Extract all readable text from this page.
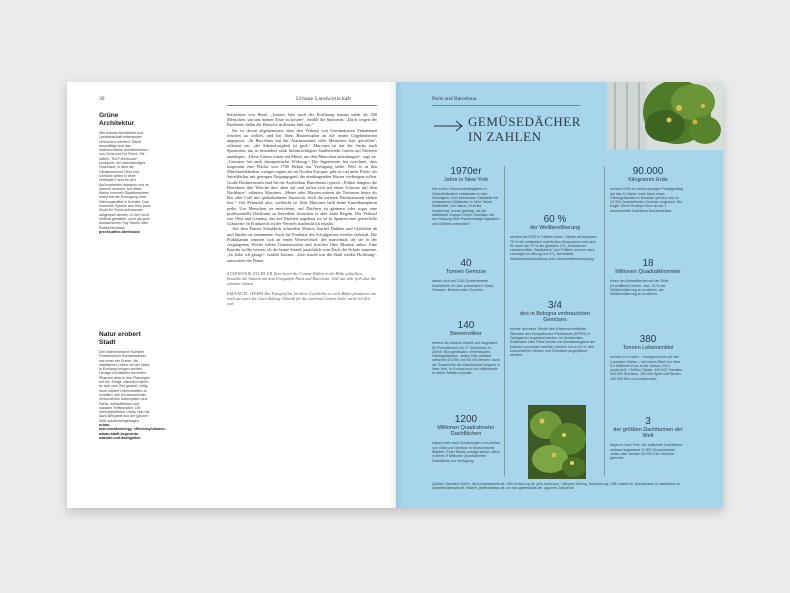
30	Urbane Landwirtschaft
Grüne Architektur
Wie können Architektur und Landwirtschaft miteinander verbunden werden? Damit beschäftigt sich das österreichische Architekturbüro von Chris und Ful Pecht. Sie haben „The Farmhouse“ konzipiert, ein mehrstöckiges Hochhaus, in dem die Hausbewohner Obst und Gemüse selbst in einer vertikalen Farm an den Außenwänden anbauen und im Inneren wohnen. Auf diese Weise kommen Stadtbewohner direkt mit der Erzeugung ihrer Nahrungsmittel in Kontakt. Das modulare System aus Holz kann Stock für Stock aufeinander aufgesetzt werden. In den nicht Vertikal gestalten, such als grün bewachsenes Tiny House oder Einfamilienhaus.
precht.at/the-farmhouse
Natur erobert Stadt
Der österreichische Künstler Friedensreich Hundertwasser war einer der Ersten, die städtisches Leben mit der Natur in Einklang bringen wollten. Heutige Architekten beziehen Pflanzen aktiv in ihre Planungen mit ein. Einige Visionäre haben es sich zum Ziel gesetzt, völlig neue urbane Lebenswelten zu schaffen, wie ein wimmelnder verbundenes Dachsystem aus Parks, Anbauflächen und sozialen Treffpunkten. Die Internetplattform Urban Hub hat dazu Beispiele aus der ganzen Welt zusammengetragen.
urban-hub.com/de/energy_efficiency/urbaner-anbau-stadt-begruente-waende-und-dachgarten

befruchten von Hand. „Letztes Jahr nach der Eröffnung kamen mehr als 200 Menschen, um uns meiner Erste zu kosten“, erzählt die Spanierin. „Doch wegen der Pandemie fielen der Besuche in diesem Jahr aus.“

Sie ist davon abgekommen, über den Verkauf von Gemüsekisten Einnahmen erzielen zu wollen, und hat ihren Businessplan an die neuen Gegebenheiten angepasst: „In Barcelona hat der Alarmzustand viele Menschen hart getroffen“, erläutert sie, „die Arbeitslosigkeit ist groß.“ Marcines ist auf der Suche nach Sponsoren, um in besonders stark beeinträchtigten Stadtvierteln Gärten auf Dächern anzulegen. „Diese Gärten wären ein Mittel, um den Menschen aufzufangen“, sagt sie. „Gärtnern hat auch therapeutische Wirkung.“ Die Ingenieurin hat errechnet, dass insgesamt eine Fläche von 1700 Hektar zur Verfügung stehe. Weil es in den Mittelmeerländern weniger regnet als im Norden Europas, gibt es viel mehr Flach- als Satteldächer mit geringen Neigungsgrad, die eindringenden Wasser vorbeugen sollen. Große Dachterrassen sind für die Architektur Barcelonas typisch. „Früher hängten die Bewohner ihre Wäsche dort oben auf und trafen sich auf einen Schwatz mit dem Nachbarn“, erläutert Marcines. „Heute oder Massen nutzen die Terrassen heute als Bar oder Café mit spektakulärem Ausssicht, doch die meisten Dachterrassen ziehen leer.“ Viel Potenzial also, vielleicht ist Alda Marcines bald keine Einzelkämpferin mehr. Um Menschen zu motivieren, auf Dächern zu gärtnern oder sogar eine professionelle Dachfarm zu betreiben, brauchen es aber klare Regeln. Der Verkauf von Obst und Gemüse, das auf Dächern angebaut ist, ist in Spanien eine gesetzliche Grauzone: In Frankreich ist der Vertrieb ausdrücklich erlaubt.

Auf dem Pariser Schuldach schneiden Marion Journet Dahlien und Gladiolen ab und binden sie zusammen. Auch die Produkte des Schulgartens werden verkauft. Die Praktikantin erinnert sich an einen Wortwechsel, der manchmal, als sie in der vergangenen Woche neben Gemüsesetzen und frischen Obst Blumen anbot. Eine Kundin wollte wissen, ob der bunte Strauß tatsächlich vom Dach der Schule stammte. „Ja, habe ich gesagt“, erzählt Journet. „Jetzt macht mir die Stadt wieder Hoffnung“, antwortete die Dame.

STEPHANIE EICHLER Kurz bevor die Corona-Zahlen in die Höhe schnellten, besuchte die Autorin mit dem Fotografen Paris und Barcelona. Und war sehr froh über die schönen Gärten.
EMANUEL HERM Der Fotograf hat für diese Geschichte so viele Bilder produziert wie noch nie zuvor für einen Auftrag. Obwohl für die einzelnen Gärten leider nicht viel Zeit war.
Paris und Barcelona
GEMÜSEDÄCHER
IN ZAHLEN
1970er
Jahre in New York
Die ersten Gemeinschaftsgärten in Industrieländern entstanden in den Siebzigern: Dort bewohnten Stadtteile mit verlassenen Gebäuden in New Yorker Stadtmitte. Der Name „Guerilla Gardening“ wurde geprägt, als die städtische Gruppe Green Guerillas, bei der Nutzung über Pachtverträge legalisiert und Gärtner unterstützt.
40
Tonnen Gemüse
lassen sich auf 1000 Quadratmeter Dachfläche im Jahr produzieren: Salat, Tomaten, Bohnen oder Zucchini.
140
Bienenvölker
betreut die Imkerei Wabe9 auf insgesamt 50 Flachdächern an 17 Standorten in Zürich: Bürogebäuden, Wohnbauten, Fabrikgebäuden. Jedes Volk umfasst zwischen 20.000 und 50.000 Bienen. Auch die Geschichte der Dachimkerei begann in New York. In Europa sind nur mittlerweile in vielen Städten populär.
1200
Millionen Quadratmeter Dachflächen
eignen sich nach Schätzungen zum Anbau von Obst und Gemüse in Deutschlands Städten. Einer Studie zufolge stehen allein in Berlin 9 Millionen Quadratmeter Dachfläche zur Verfügung.
60 %
der Weltbevölkerung
werden bis 2030 in Städten leben. Städte verbrauchen 75 % der weltweiten natürlichen Ressourcen und sind für mehr als 70 % der globalen CO₂-Emissionen verantwortlich. Stadtplaner und Politiker suchen nach Lösungen im Bezug auf CO₂-Neutralität, Wasserbewirtschaftung und Lebensmittelversorgung.
3/4
des in Bologna verbrauchten Gemüses
könnte laut einer Studie des Wissenschaftlichen Dienstes des Europäischen Parlaments (EPRS) in Dachgärten angebaut werden. Im Amsterdam, Rotterdam oder Paris könnte ein Gemüseangebot auf Dächern produziert werden, können bis zu 90 % des konsumierten Obstes und Gemüses angepflanzt werden.
90.000
Kilogramm Erde
wurden 2009 an einem einzigen Freitagmittag auf das 11 Meter hohe Dach eines Fabrikgebäudes in Brooklyn gehievt und so 10.300 Quadratmeter Gemüse angebaut. Die Eagle Street Rooftop Farm ist der 1. kommerzielle Dachfarm Nordamerikas.
18
Millionen Quadratkilometer
eines der Anbauflächen auf der Erde (Hochfläche) fehlen, oder 15 % der Weltbevölkerung zu ernähren, die Weltbevölkerung zu ernähren.
380
Tonnen Lebensmittel
wurden in London – hochgerechnet auf alle Londoner Gärten – mit einem Wert von über 0,5 Millionen Euro in der Saison 2014 produziert: 1 Million Salate, 400.000 Tomaten, 400.000 Kürbisse, 150.000 Äpfel und Birnen, 100.000 Eier und vieles mehr.
3
der größten Dachfarmen der Welt
liegen in New York. Die kultivierte Dachfläche umfasst insgesamt 11.800 Quadratmeter. Jedes Jahr werden 50.000 Kilo Gemüse geerntet.
Quellen: Dachfarm Berlin, die-honigmacherin.de, GMI, lexikon-sg.de, grün-hans.com, Lüllmann Zeitung, holzhaus.org, GMI, wabe9.ch, spielraeume.ch, stadtbiene.ch, umweltbundesamt.de, Wabe9, greenwaldbau.de, wir-von-gartenschau.de, ugs-freie Zukunft.de
